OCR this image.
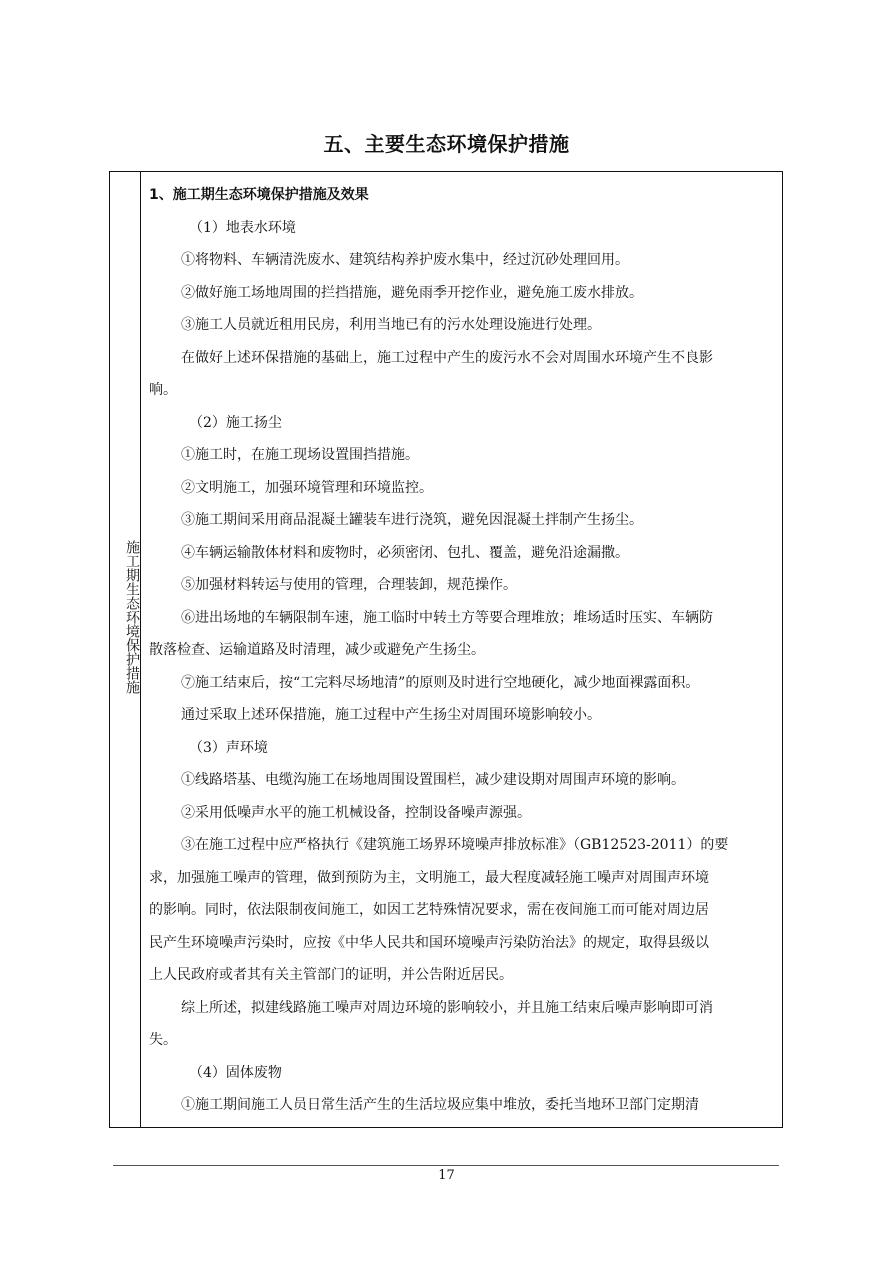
五、主要生态环境保护措施
施工期生态环境保护措施
1、施工期生态环境保护措施及效果
（1）地表水环境
①将物料、车辆清洗废水、建筑结构养护废水集中，经过沉砂处理回用。
②做好施工场地周围的拦挡措施，避免雨季开挖作业，避免施工废水排放。
③施工人员就近租用民房，利用当地已有的污水处理设施进行处理。
在做好上述环保措施的基础上，施工过程中产生的废污水不会对周围水环境产生不良影
响。
（2）施工扬尘
①施工时，在施工现场设置围挡措施。
②文明施工，加强环境管理和环境监控。
③施工期间采用商品混凝土罐装车进行浇筑，避免因混凝土拌制产生扬尘。
④车辆运输散体材料和废物时，必须密闭、包扎、覆盖，避免沿途漏撒。
⑤加强材料转运与使用的管理，合理装卸，规范操作。
⑥进出场地的车辆限制车速，施工临时中转土方等要合理堆放；堆场适时压实、车辆防
散落检查、运输道路及时清理，减少或避免产生扬尘。
⑦施工结束后，按“工完料尽场地清”的原则及时进行空地硬化，减少地面裸露面积。
通过采取上述环保措施，施工过程中产生扬尘对周围环境影响较小。
（3）声环境
①线路塔基、电缆沟施工在场地周围设置围栏，减少建设期对周围声环境的影响。
②采用低噪声水平的施工机械设备，控制设备噪声源强。
③在施工过程中应严格执行《建筑施工场界环境噪声排放标准》（GB12523-2011）的要
求，加强施工噪声的管理，做到预防为主，文明施工，最大程度减轻施工噪声对周围声环境
的影响。同时，依法限制夜间施工，如因工艺特殊情况要求，需在夜间施工而可能对周边居
民产生环境噪声污染时，应按《中华人民共和国环境噪声污染防治法》的规定，取得县级以
上人民政府或者其有关主管部门的证明，并公告附近居民。
综上所述，拟建线路施工噪声对周边环境的影响较小，并且施工结束后噪声影响即可消
失。
（4）固体废物
①施工期间施工人员日常生活产生的生活垃圾应集中堆放，委托当地环卫部门定期清
17
